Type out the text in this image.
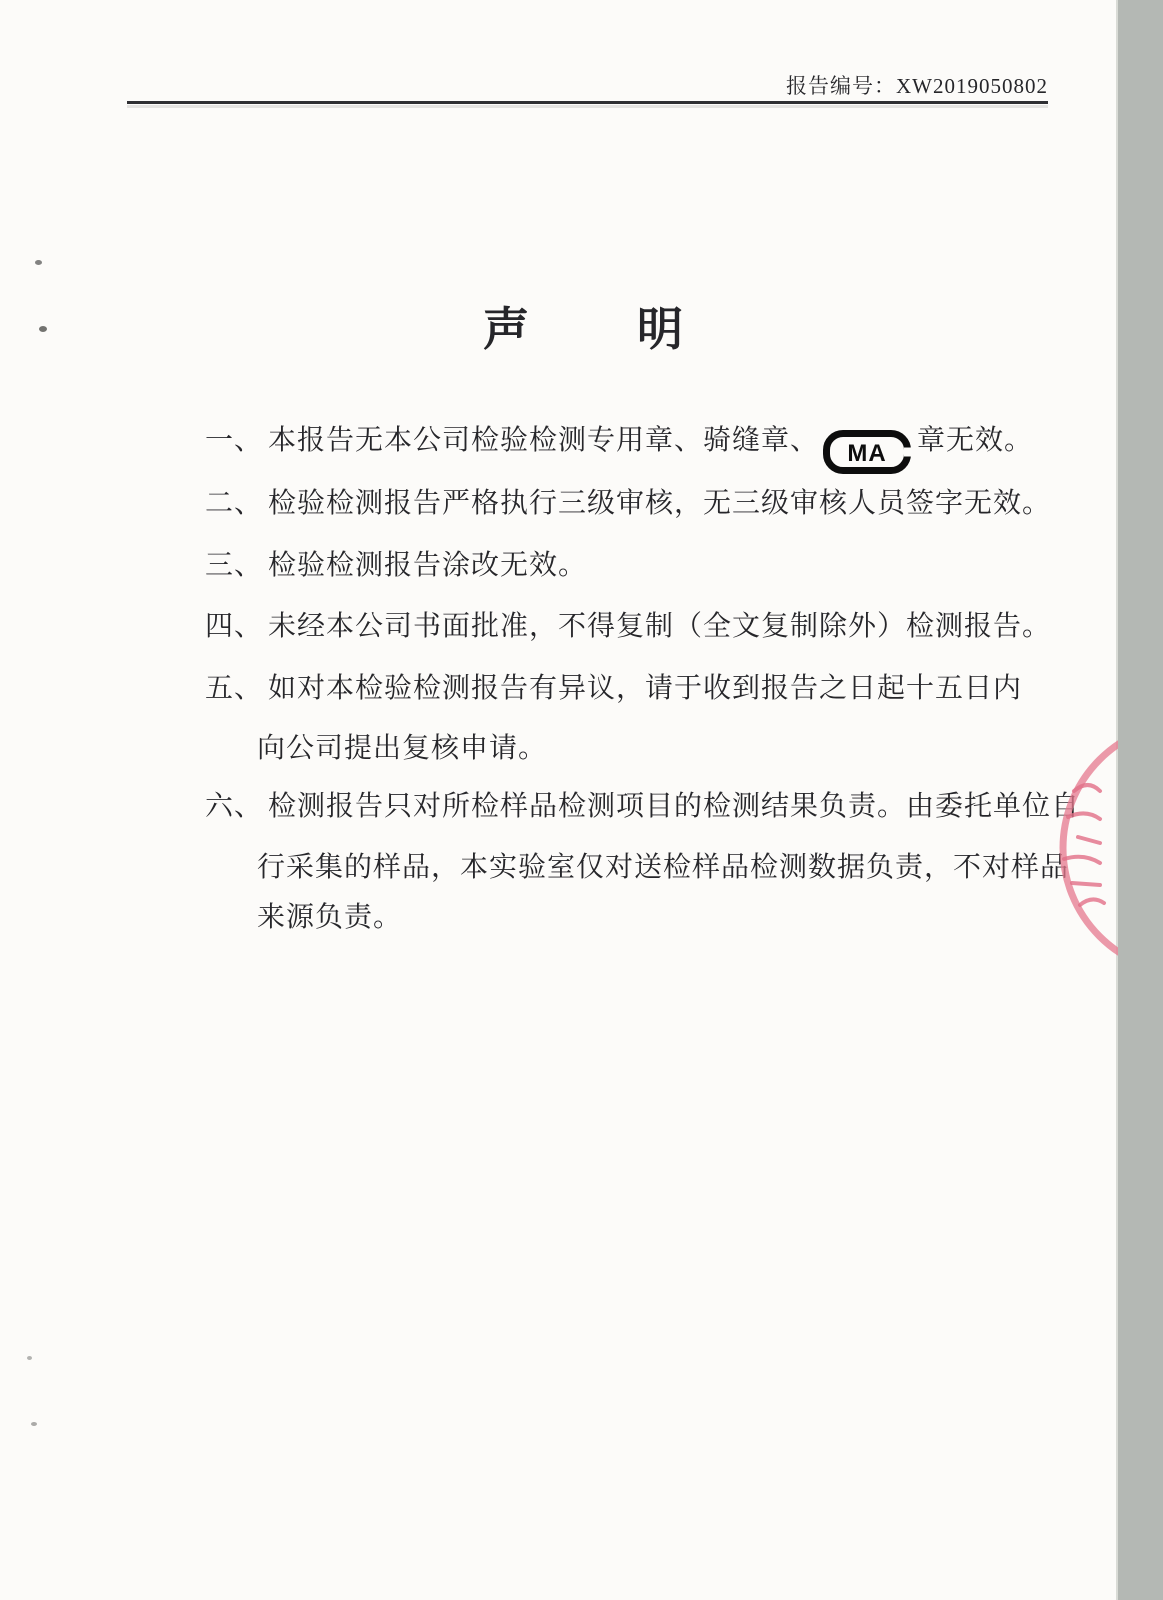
报告编号：XW2019050802
声 明
一、 本报告无本公司检验检测专用章、骑缝章、 MA 章无效。
二、 检验检测报告严格执行三级审核，无三级审核人员签字无效。
三、 检验检测报告涂改无效。
四、 未经本公司书面批准，不得复制（全文复制除外）检测报告。
五、 如对本检验检测报告有异议，请于收到报告之日起十五日内
向公司提出复核申请。
六、 检测报告只对所检样品检测项目的检测结果负责。由委托单位自
行采集的样品，本实验室仅对送检样品检测数据负责，不对样品
来源负责。
